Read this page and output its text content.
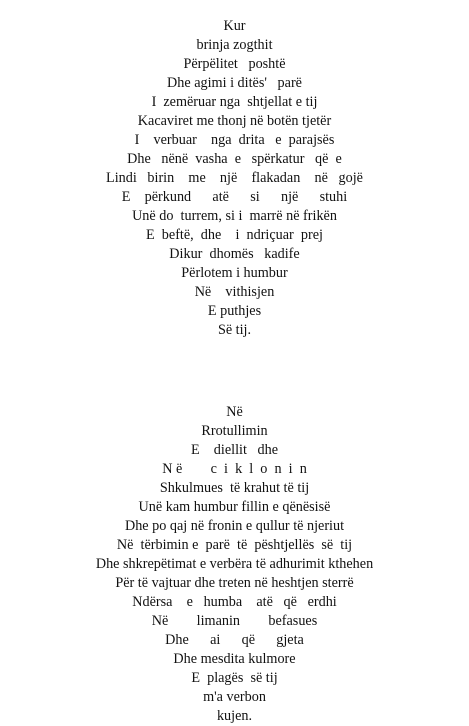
Kur
brinja zogthit
Përpëlitet   poshtë
Dhe agimi i ditës'   parë
I  zemëruar nga  shtjellat e tij
Kacaviret me thonj në botën tjetër
I    verbuar    nga  drita   e  parajsës
Dhe   nënë  vasha  e   spërkatur   që  e
Lindi   birin    me    një    flakadan    në   gojë
E    përkund      atë      si      një      stuhi
Unë do  turrem, si i  marrë në frikën
E  beftë,  dhe    i  ndriçuar  prej
Dikur  dhomës   kadife
Përlotem i humbur
Në    vithisjen
E puthjes
Së tij.
Në
Rrotullimin
E    diellit   dhe
N ë        c  i  k  l  o  n  i  n
Shkulmues  të krahut të tij
Unë kam humbur fillin e qënësisë
Dhe po qaj në fronin e qullur të njeriut
Në  tërbimin e  parë  të  pështjellës  së  tij
Dhe shkrepëtimat e verbëra të adhurimit kthehen
Për të vajtuar dhe treten në heshtjen sterrë
Ndërsa    e   humba    atë   që   erdhi
Në        limanin        befasues
Dhe      ai      që      gjeta
Dhe mesdita kulmore
E  plagës  së tij
m'a verbon
kujen.
